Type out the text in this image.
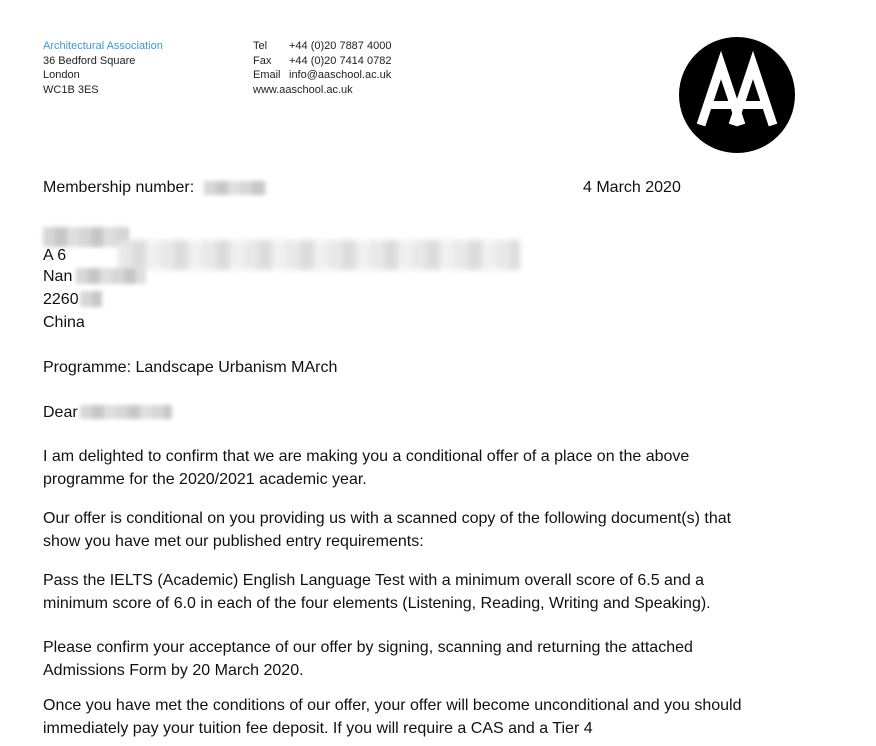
Architectural Association
36 Bedford Square
London
WC1B 3ES
Tel	+44 (0)20 7887 4000
Fax	+44 (0)20 7414 0782
Email info@aaschool.ac.uk
www.aaschool.ac.uk
Membership number:	4 March 2020
A 6
Nan
2260
China
Programme: Landscape Urbanism MArch
Dear
I am delighted to confirm that we are making you a conditional offer of a place on the above programme for the 2020/2021 academic year.
Our offer is conditional on you providing us with a scanned copy of the following document(s) that show you have met our published entry requirements:
Pass the IELTS (Academic) English Language Test with a minimum overall score of 6.5 and a minimum score of 6.0 in each of the four elements (Listening, Reading, Writing and Speaking).
Please confirm your acceptance of our offer by signing, scanning and returning the attached Admissions Form by 20 March 2020.
Once you have met the conditions of our offer, your offer will become unconditional and you should immediately pay your tuition fee deposit. If you will require a CAS and a Tier 4
